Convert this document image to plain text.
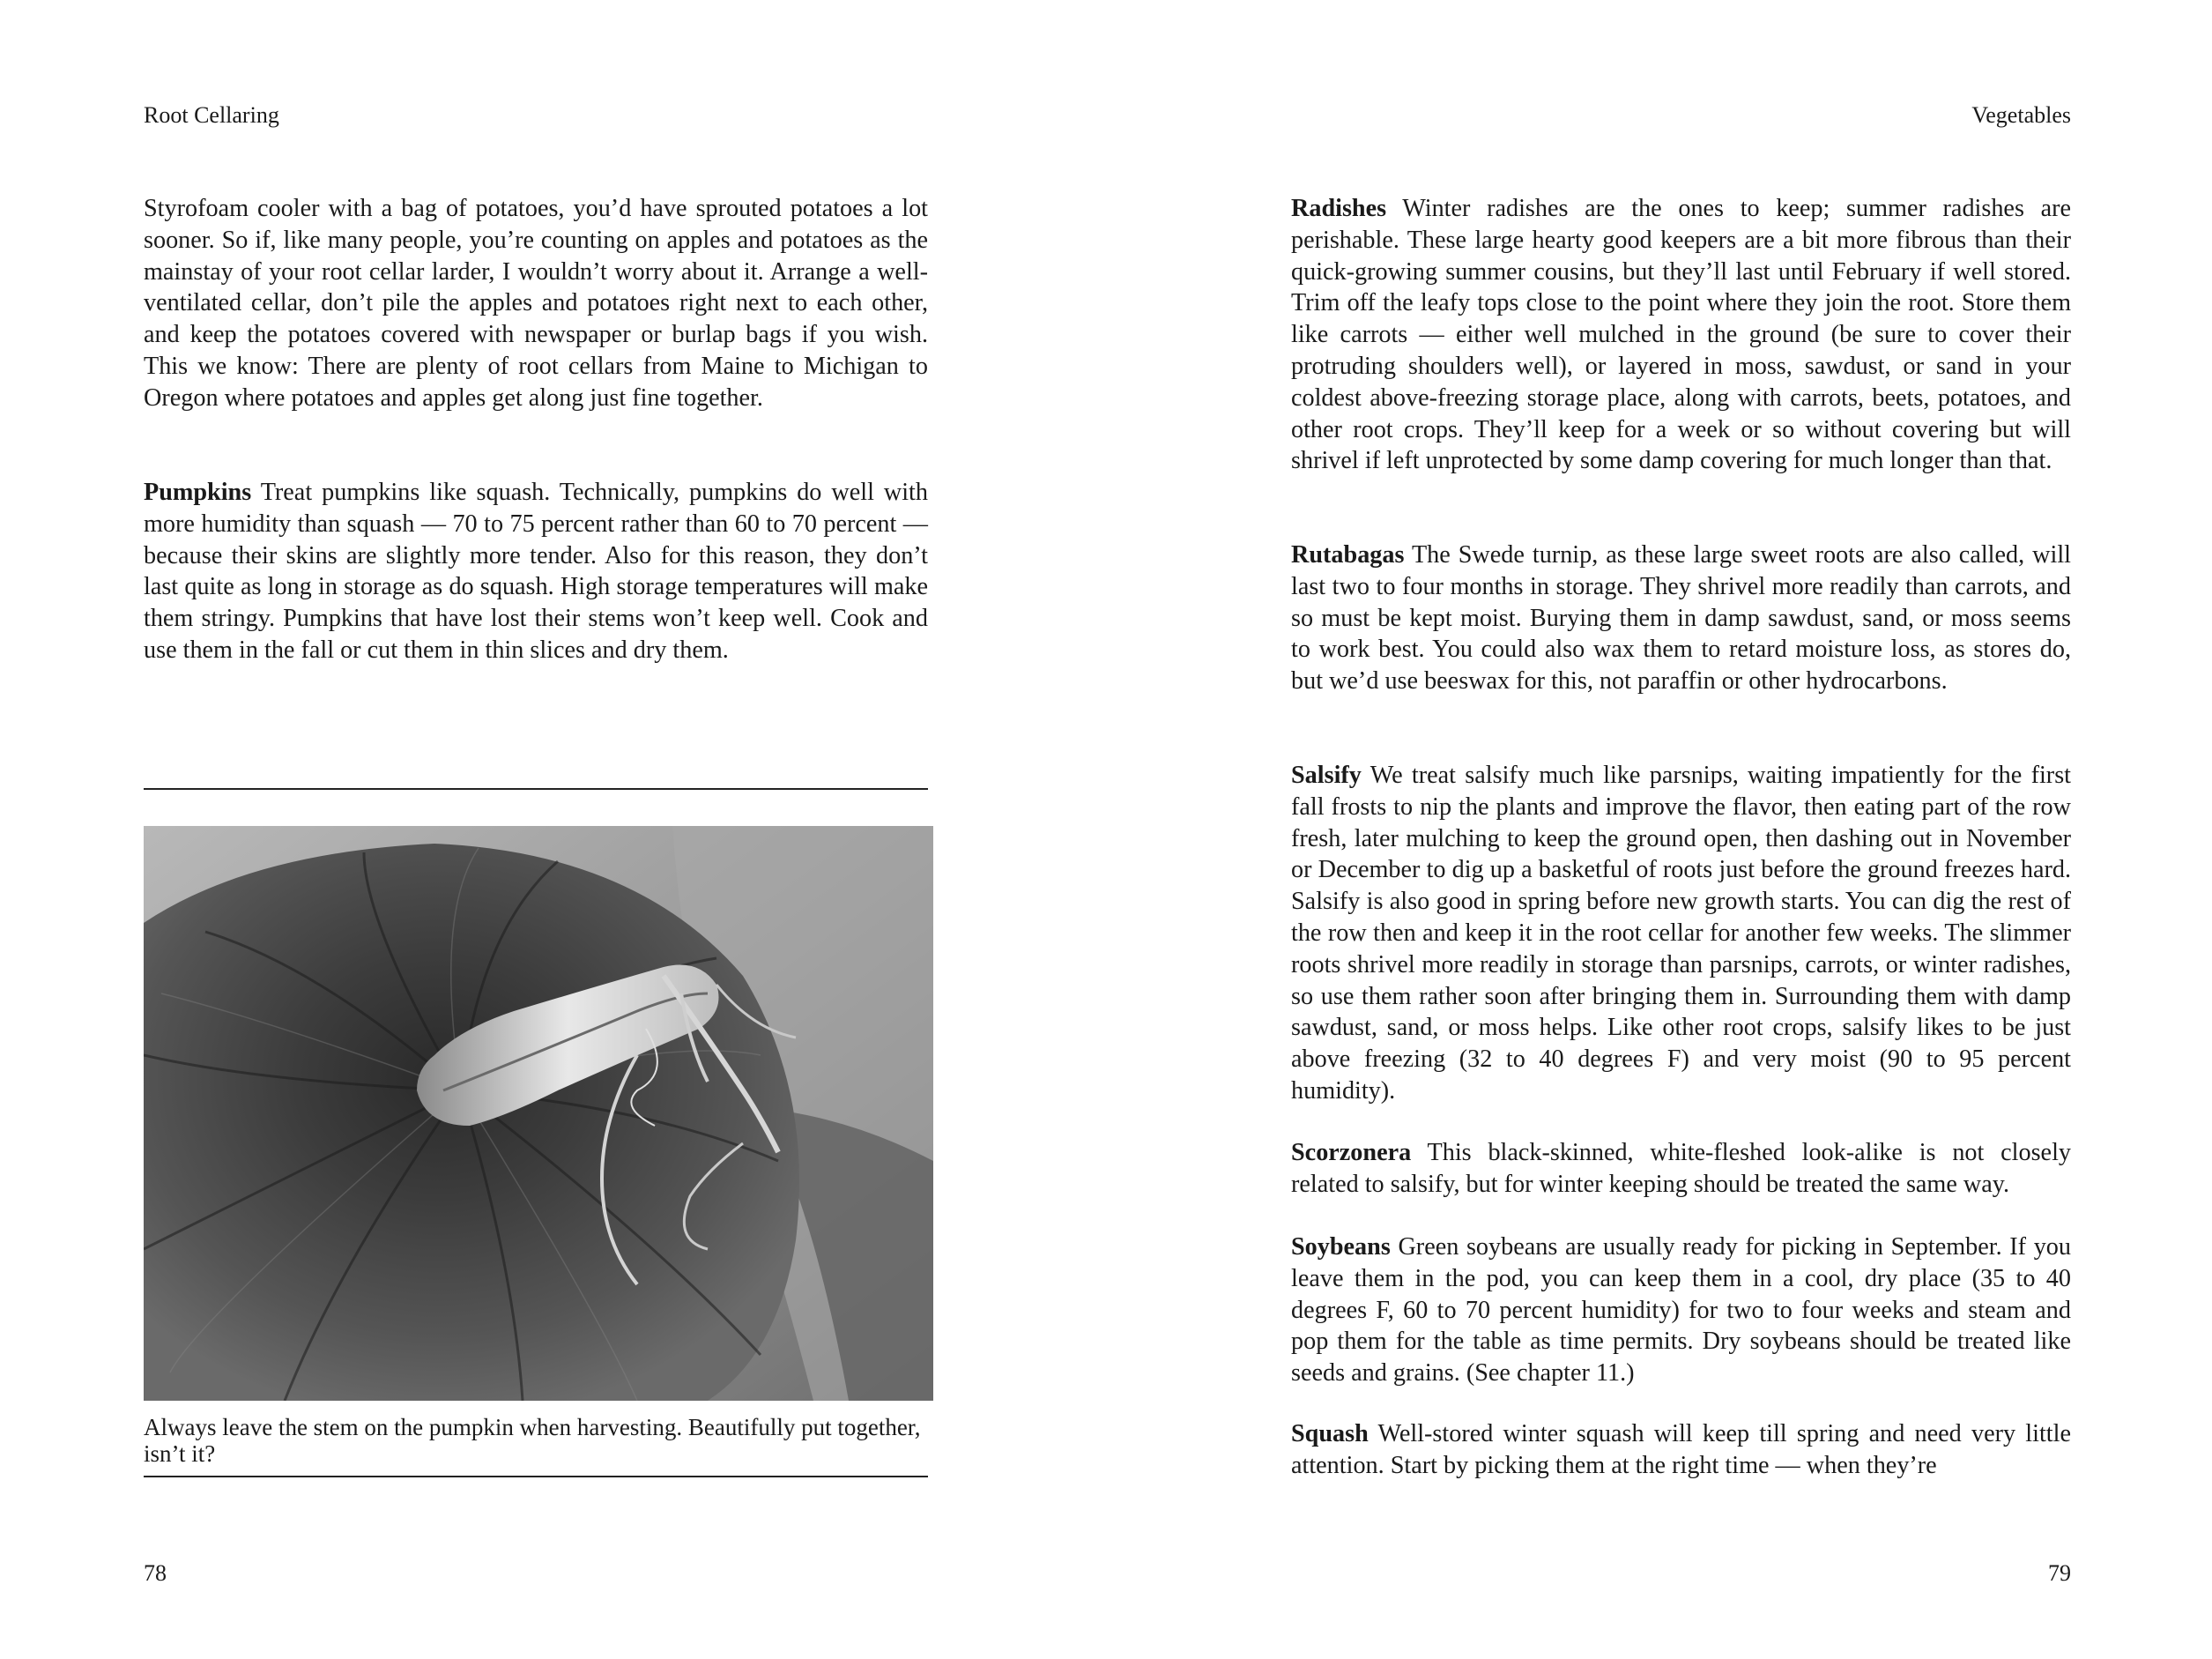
Root Cellaring

Styrofoam cooler with a bag of potatoes, you’d have sprouted potatoes a lot sooner. So if, like many people, you’re counting on apples and potatoes as the mainstay of your root cellar larder, I wouldn’t worry about it. Arrange a well-ventilated cellar, don’t pile the apples and potatoes right next to each other, and keep the potatoes covered with newspaper or burlap bags if you wish. This we know: There are plenty of root cellars from Maine to Michigan to Oregon where potatoes and apples get along just fine together.

Pumpkins Treat pumpkins like squash. Technically, pumpkins do well with more humidity than squash — 70 to 75 percent rather than 60 to 70 percent — because their skins are slightly more tender. Also for this reason, they don’t last quite as long in storage as do squash. High storage temperatures will make them stringy. Pumpkins that have lost their stems won’t keep well. Cook and use them in the fall or cut them in thin slices and dry them.

Always leave the stem on the pumpkin when harvesting. Beautifully put together, isn’t it?

78
Vegetables

Radishes Winter radishes are the ones to keep; summer radishes are perishable. These large hearty good keepers are a bit more fibrous than their quick-growing summer cousins, but they’ll last until February if well stored. Trim off the leafy tops close to the point where they join the root. Store them like carrots — either well mulched in the ground (be sure to cover their protruding shoulders well), or layered in moss, sawdust, or sand in your coldest above-freezing storage place, along with carrots, beets, potatoes, and other root crops. They’ll keep for a week or so without covering but will shrivel if left unprotected by some damp covering for much longer than that.

Rutabagas The Swede turnip, as these large sweet roots are also called, will last two to four months in storage. They shrivel more readily than carrots, and so must be kept moist. Burying them in damp sawdust, sand, or moss seems to work best. You could also wax them to retard moisture loss, as stores do, but we’d use beeswax for this, not paraffin or other hydrocarbons.

Salsify We treat salsify much like parsnips, waiting impatiently for the first fall frosts to nip the plants and improve the flavor, then eating part of the row fresh, later mulching to keep the ground open, then dashing out in November or December to dig up a basketful of roots just before the ground freezes hard. Salsify is also good in spring before new growth starts. You can dig the rest of the row then and keep it in the root cellar for another few weeks. The slimmer roots shrivel more readily in storage than parsnips, carrots, or winter radishes, so use them rather soon after bringing them in. Surrounding them with damp sawdust, sand, or moss helps. Like other root crops, salsify likes to be just above freezing (32 to 40 degrees F) and very moist (90 to 95 percent humidity).

Scorzonera This black-skinned, white-fleshed look-alike is not closely related to salsify, but for winter keeping should be treated the same way.

Soybeans Green soybeans are usually ready for picking in September. If you leave them in the pod, you can keep them in a cool, dry place (35 to 40 degrees F, 60 to 70 percent humidity) for two to four weeks and steam and pop them for the table as time permits. Dry soybeans should be treated like seeds and grains. (See chapter 11.)

Squash Well-stored winter squash will keep till spring and need very little attention. Start by picking them at the right time — when they’re

79
